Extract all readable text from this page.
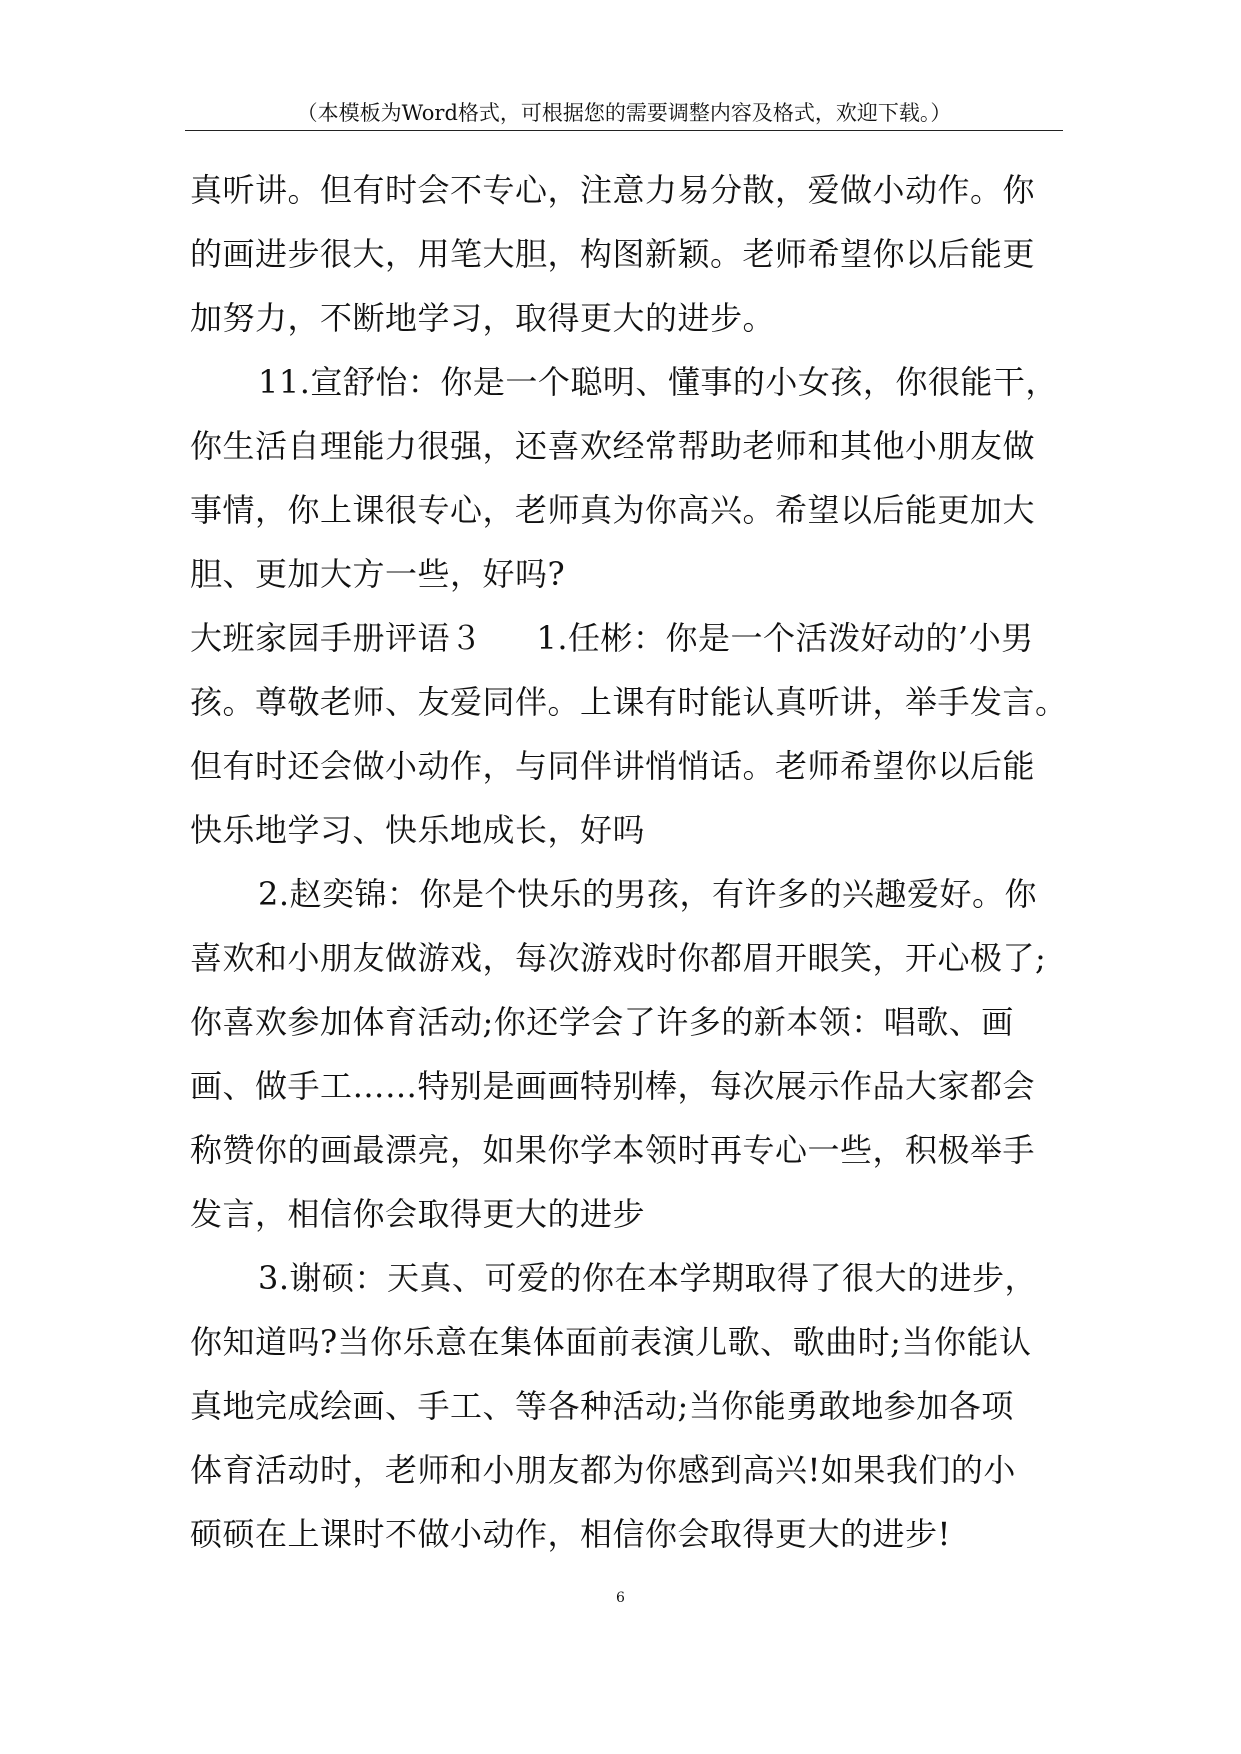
（本模板为Word格式，可根据您的需要调整内容及格式，欢迎下载。）
真听讲。但有时会不专心，注意力易分散，爱做小动作。你
的画进步很大，用笔大胆，构图新颖。老师希望你以后能更
加努力，不断地学习，取得更大的进步。
11.宣舒怡：你是一个聪明、懂事的小女孩，你很能干，
你生活自理能力很强，还喜欢经常帮助老师和其他小朋友做
事情，你上课很专心，老师真为你高兴。希望以后能更加大
胆、更加大方一些，好吗?
大班家园手册评语３ 1.任彬：你是一个活泼好动的’小男
孩。尊敬老师、友爱同伴。上课有时能认真听讲，举手发言。
但有时还会做小动作，与同伴讲悄悄话。老师希望你以后能
快乐地学习、快乐地成长，好吗
2.赵奕锦：你是个快乐的男孩，有许多的兴趣爱好。你
喜欢和小朋友做游戏，每次游戏时你都眉开眼笑，开心极了;
你喜欢参加体育活动;你还学会了许多的新本领：唱歌、画
画、做手工……特别是画画特别棒，每次展示作品大家都会
称赞你的画最漂亮，如果你学本领时再专心一些，积极举手
发言，相信你会取得更大的进步
3.谢硕：天真、可爱的你在本学期取得了很大的进步，
你知道吗?当你乐意在集体面前表演儿歌、歌曲时;当你能认
真地完成绘画、手工、等各种活动;当你能勇敢地参加各项
体育活动时，老师和小朋友都为你感到高兴!如果我们的小
硕硕在上课时不做小动作，相信你会取得更大的进步!
6
